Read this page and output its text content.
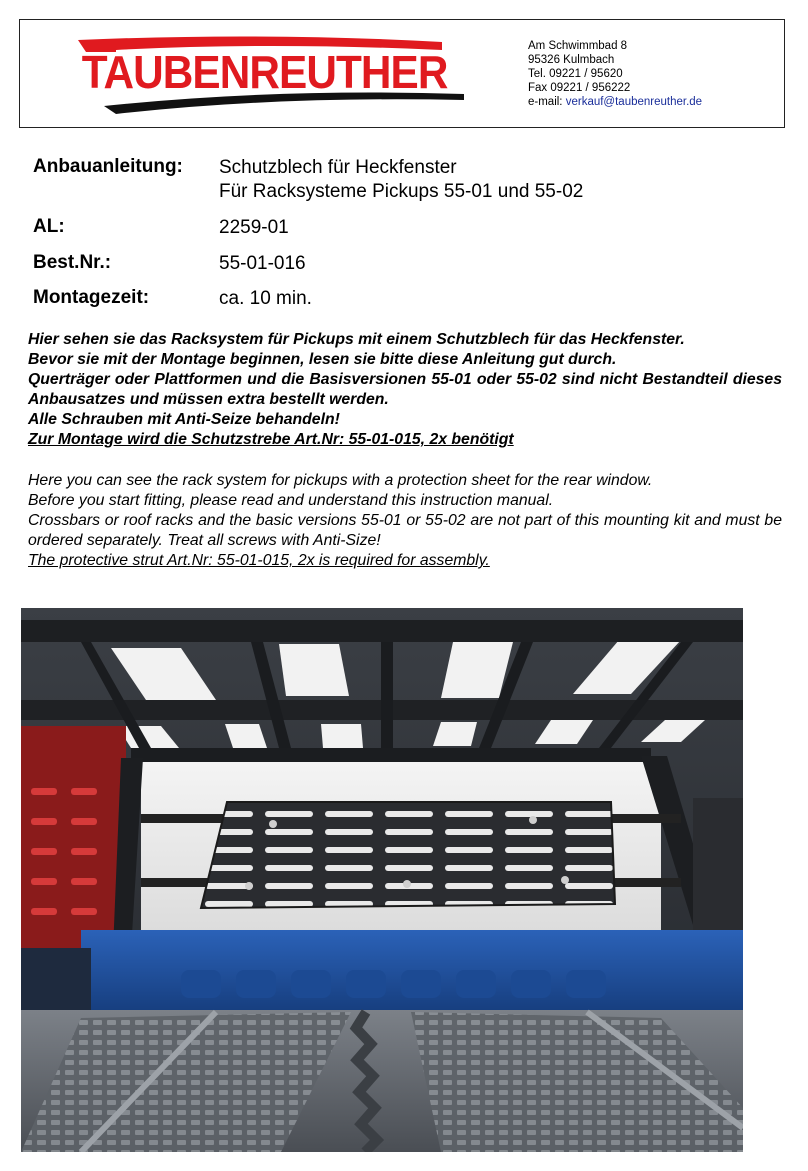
TAUBENREUTHER	Am Schwimmbad 8
95326 Kulmbach
Tel. 09221 / 95620
Fax 09221 / 956222
e-mail: verkauf@taubenreuther.de
Anbauanleitung: Schutzblech für Heckfenster
Für Racksysteme Pickups 55-01 und 55-02
AL:	2259-01
Best.Nr.:	55-01-016
Montagezeit:	ca. 10 min.

Hier sehen sie das Racksystem für Pickups mit einem Schutzblech für das Heckfenster.

Bevor sie mit der Montage beginnen, lesen sie bitte diese Anleitung gut durch.

Querträger oder Plattformen und die Basisversionen 55-01 oder 55-02 sind nicht Bestandteil dieses Anbausatzes und müssen extra bestellt werden.

Alle Schrauben mit Anti-Seize behandeln!

Zur Montage wird die Schutzstrebe Art.Nr: 55-01-015, 2x benötigt

Here you can see the rack system for pickups with a protection sheet for the rear window.

Before you start fitting, please read and understand this instruction manual.

Crossbars or roof racks and the basic versions 55-01 or 55-02 are not part of this mounting kit and must be ordered separately. Treat all screws with Anti-Size!

The protective strut Art.Nr: 55-01-015, 2x is required for assembly.
